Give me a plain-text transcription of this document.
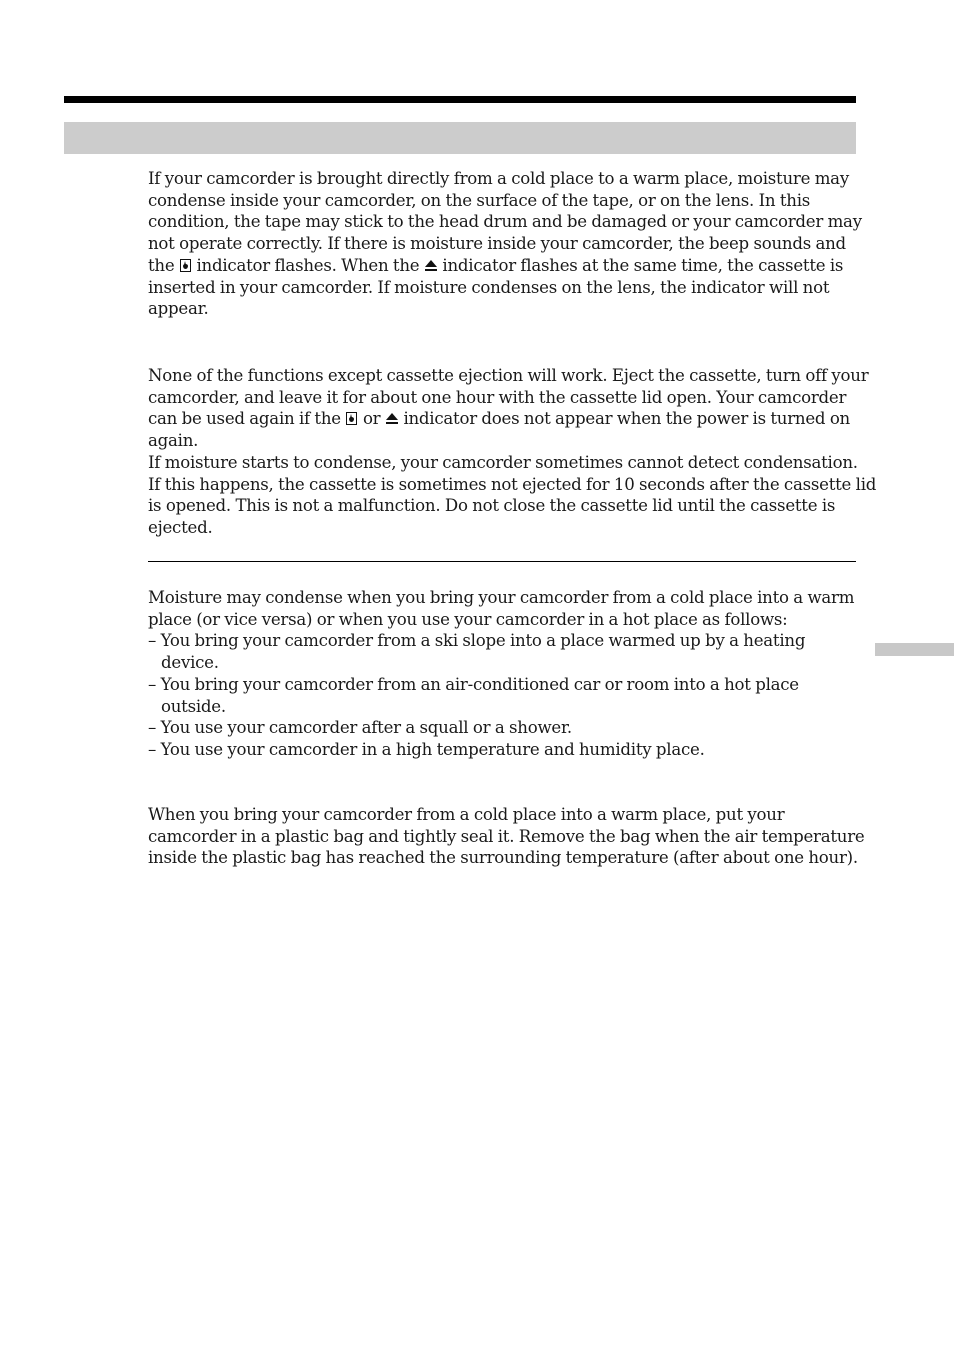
If your camcorder is brought directly from a cold place to a warm place, moisture may
condense inside your camcorder, on the surface of the tape, or on the lens. In this
condition, the tape may stick to the head drum and be damaged or your camcorder may
not operate correctly. If there is moisture inside your camcorder, the beep sounds and
the indicator flashes. When the indicator flashes at the same time, the cassette is
inserted in your camcorder. If moisture condenses on the lens, the indicator will not
appear.

None of the functions except cassette ejection will work. Eject the cassette, turn off your
camcorder, and leave it for about one hour with the cassette lid open. Your camcorder
can be used again if the or indicator does not appear when the power is turned on
again.
If moisture starts to condense, your camcorder sometimes cannot detect condensation.
If this happens, the cassette is sometimes not ejected for 10 seconds after the cassette lid
is opened. This is not a malfunction. Do not close the cassette lid until the cassette is
ejected.

Moisture may condense when you bring your camcorder from a cold place into a warm
place (or vice versa) or when you use your camcorder in a hot place as follows:
– You bring your camcorder from a ski slope into a place warmed up by a heating
device.
– You bring your camcorder from an air-conditioned car or room into a hot place
outside.
– You use your camcorder after a squall or a shower.
– You use your camcorder in a high temperature and humidity place.

When you bring your camcorder from a cold place into a warm place, put your
camcorder in a plastic bag and tightly seal it. Remove the bag when the air temperature
inside the plastic bag has reached the surrounding temperature (after about one hour).
